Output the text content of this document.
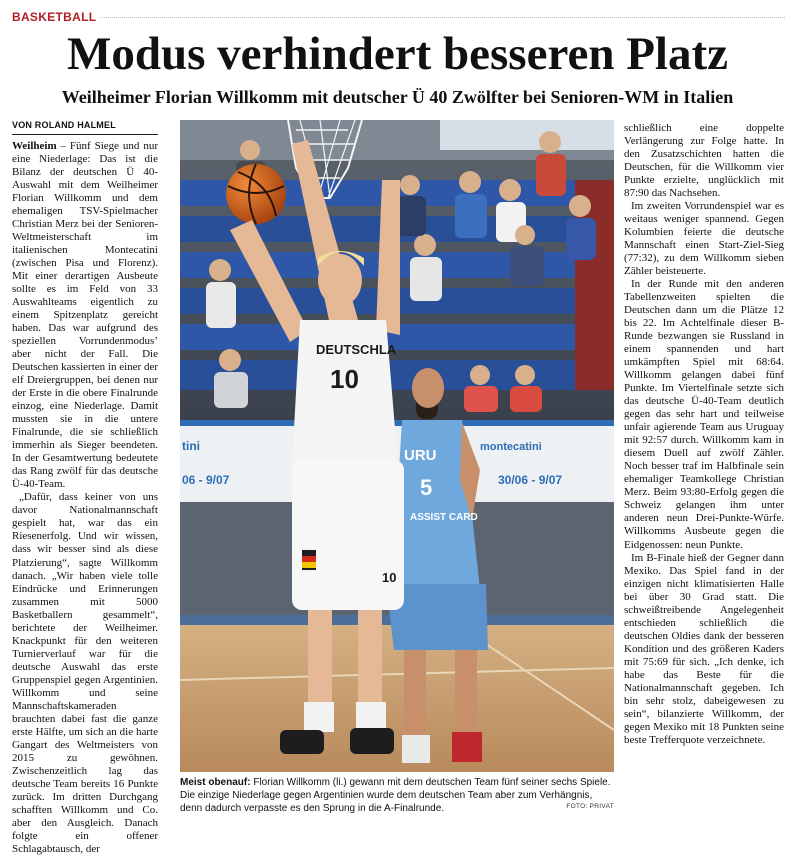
BASKETBALL
Modus verhindert besseren Platz
Weilheimer Florian Willkomm mit deutscher Ü 40 Zwölfter bei Senioren-WM in Italien
VON ROLAND HALMEL

Weilheim – Fünf Siege und nur eine Niederlage: Das ist die Bilanz der deutschen Ü 40-Auswahl mit dem Weilheimer Florian Willkomm und dem ehemaligen TSV-Spielmacher Christian Merz bei der Senioren-Weltmeisterschaft im italienischen Montecatini (zwischen Pisa und Florenz). Mit einer derartigen Ausbeute sollte es im Feld von 33 Auswahlteams eigentlich zu einem Spitzenplatz gereicht haben. Das war aufgrund des speziellen Vorrundenmodus’ aber nicht der Fall. Die Deutschen kassierten in einer der elf Dreiergruppen, bei denen nur der Erste in die obere Finalrunde einzog, eine Niederlage. Damit mussten sie in die untere Finalrunde, die sie schließlich immerhin als Sieger beendeten. In der Gesamtwertung bedeutete das Rang zwölf für das deutsche Ü-40-Team.

„Dafür, dass keiner von uns davor Nationalmannschaft gespielt hat, war das ein Riesenerfolg. Und wir wissen, dass wir besser sind als diese Platzierung“, sagte Willkomm danach. „Wir haben viele tolle Eindrücke und Erinnerungen zusammen mit 5000 Basketballern gesammelt“, berichtete der Weilheimer. Knackpunkt für den weiteren Turnierverlauf war für die deutsche Auswahl das erste Gruppenspiel gegen Argentinien. Willkomm und seine Mannschaftskameraden brauchten dabei fast die ganze erste Hälfte, um sich an die harte Gangart des Weltmeisters von 2015 zu gewöhnen. Zwischenzeitlich lag das deutsche Team bereits 16 Punkte zurück. Im dritten Durchgang schafften Willkomm und Co. aber den Ausgleich. Danach folgte ein offener Schlagabtausch, der

tini
06 - 9/07
montecatini
30/06 - 9/07
URU
5
ASSIST CARD
DEUTSCHLA
10
10

Meist obenauf: Florian Willkomm (li.) gewann mit dem deutschen Team fünf seiner sechs Spiele. Die einzige Niederlage gegen Argentinien wurde dem deutschen Team aber zum Verhängnis, denn dadurch verpasste es den Sprung in die A-Finalrunde.	FOTO: PRIVAT

schließlich eine doppelte Verlängerung zur Folge hatte. In den Zusatzschichten hatten die Deutschen, für die Willkomm vier Punkte erzielte, unglücklich mit 87:90 das Nachsehen.

Im zweiten Vorrundenspiel war es weitaus weniger spannend. Gegen Kolumbien feierte die deutsche Mannschaft einen Start-Ziel-Sieg (77:32), zu dem Willkomm sieben Zähler beisteuerte.

In der Runde mit den anderen Tabellenzweiten spielten die Deutschen dann um die Plätze 12 bis 22. Im Achtelfinale dieser B-Runde bezwangen sie Russland in einem spannenden und hart umkämpften Spiel mit 68:64. Willkomm gelangen dabei fünf Punkte. Im Viertelfinale setzte sich das deutsche Ü-40-Team deutlich gegen das sehr hart und teilweise unfair agierende Team aus Uruguay mit 92:57 durch. Willkomm kam in diesem Duell auf zwölf Zähler. Noch besser traf im Halbfinale sein ehemaliger Teamkollege Christian Merz. Beim 93:80-Erfolg gegen die Schweiz gelangen ihm unter anderen neun Drei-Punkte-Würfe. Willkomms Ausbeute gegen die Eidgenossen: neun Punkte.

Im B-Finale hieß der Gegner dann Mexiko. Das Spiel fand in der einzigen nicht klimatisierten Halle bei über 30 Grad statt. Die schweißtreibende Angelegenheit entschieden schließlich die deutschen Oldies dank der besseren Kondition und des größeren Kaders mit 75:69 für sich. „Ich denke, ich habe das Beste für die Nationalmannschaft gegeben. Ich bin sehr stolz, dabeigewesen zu sein“, bilanzierte Willkomm, der gegen Mexiko mit 18 Punkten seine beste Trefferquote verzeichnete.
